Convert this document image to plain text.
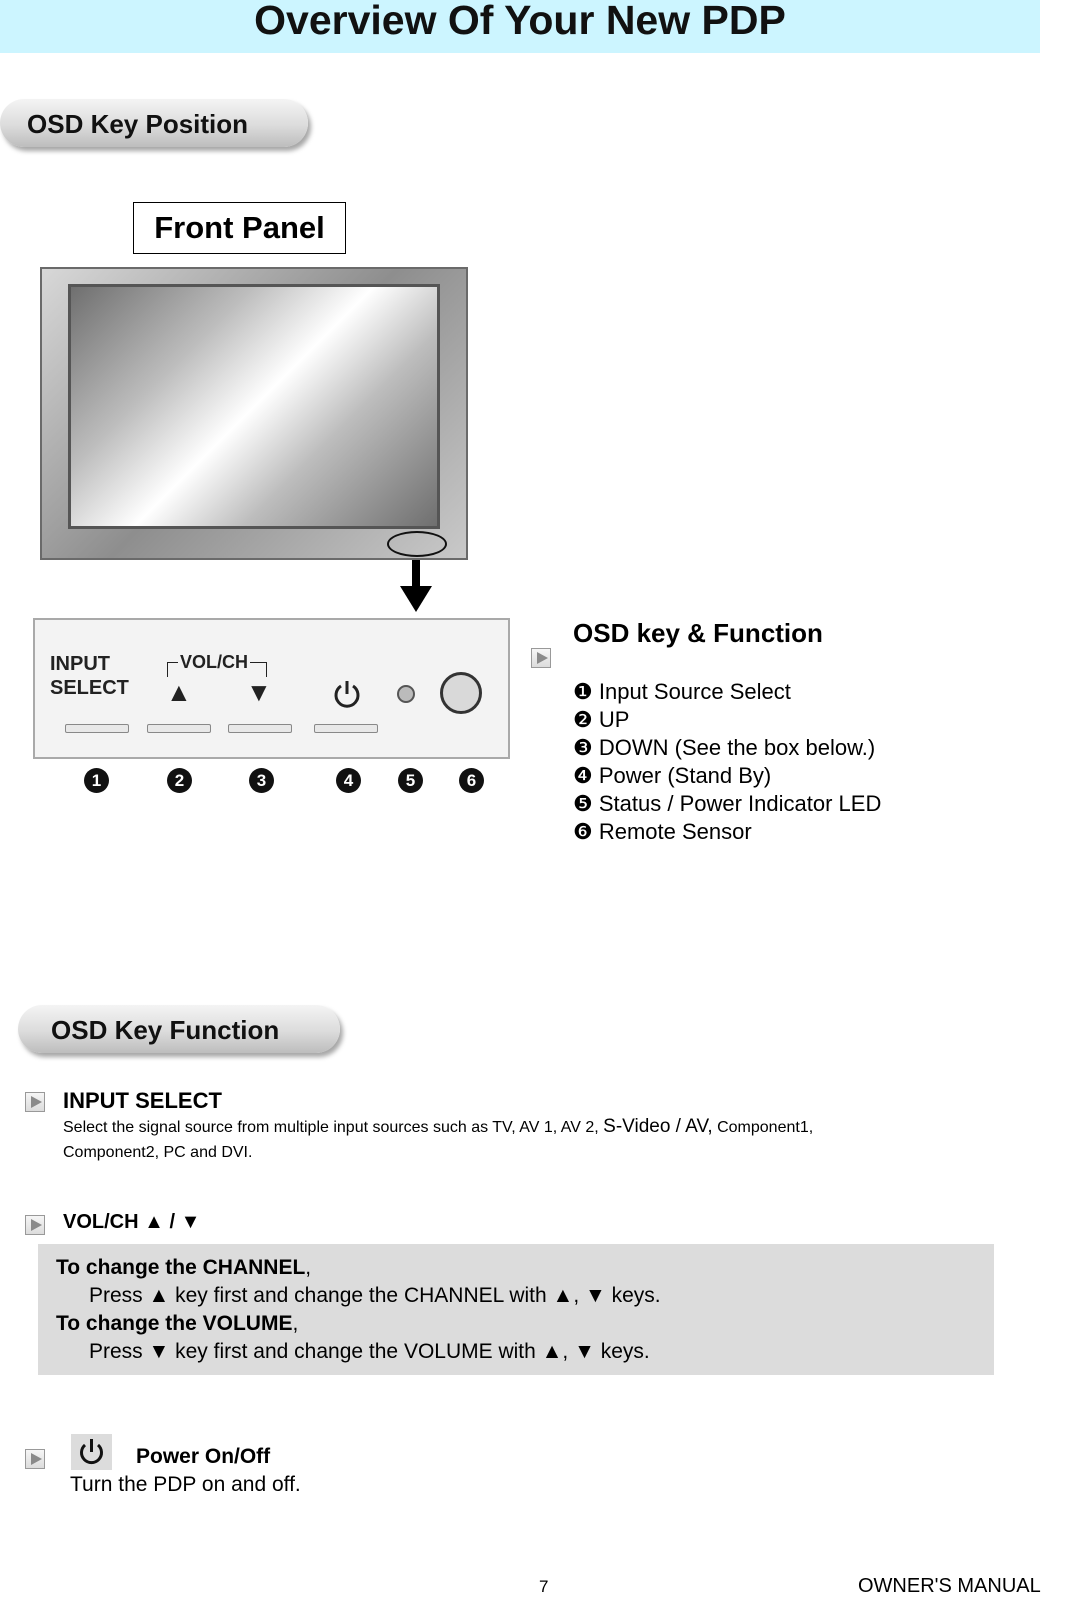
Overview Of Your New PDP
OSD Key Position
Front Panel
INPUT
SELECT
VOL/CH
▲ ▼
1	2	3	4	5	6
OSD key & Function
❶ Input Source Select
❷ UP
❸ DOWN (See the box below.)
❹ Power (Stand By)
❺ Status / Power Indicator LED
❻ Remote Sensor
OSD Key Function
INPUT SELECT
Select the signal source from multiple input sources such as TV, AV 1, AV 2, S-Video / AV, Component1,
Component2, PC and DVI.
VOL/CH ▲ / ▼
To change the CHANNEL,
Press ▲ key first and change the CHANNEL with ▲, ▼ keys.
To change the VOLUME,
Press ▼ key first and change the VOLUME with ▲, ▼ keys.
Power On/Off
Turn the PDP on and off.
7	OWNER'S MANUAL
